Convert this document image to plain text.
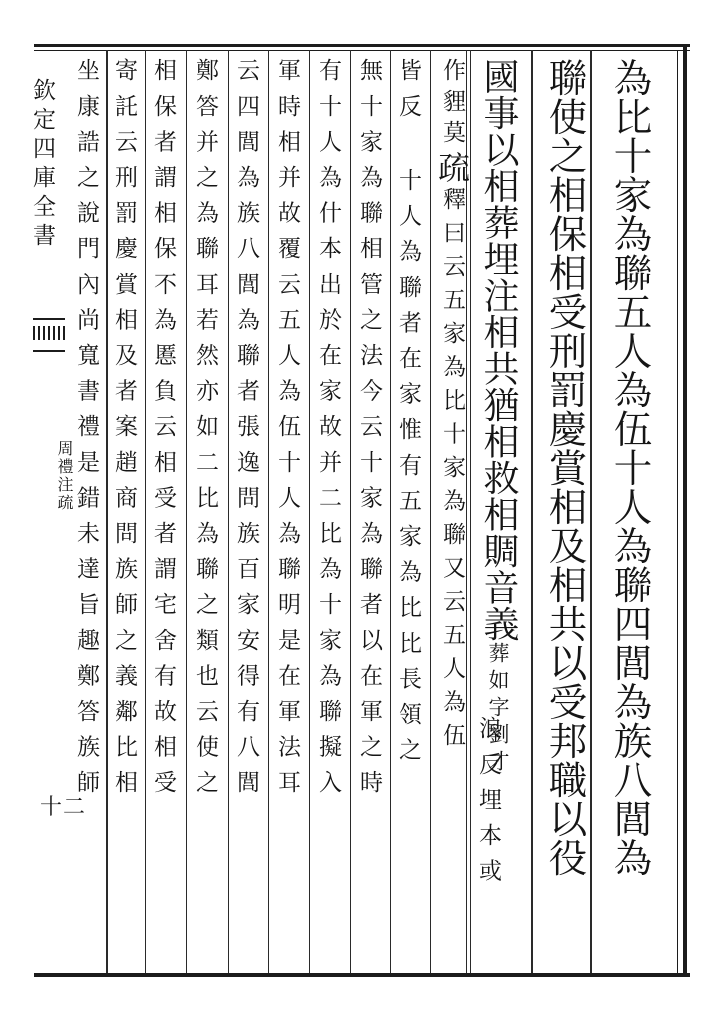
為比十家為聯五人為伍十人為聯四閭為族八閭為
聯使之相保相受刑罰慶賞相及相共以受邦職以役
國事以相葬埋注相共猶相救相賙音義葬如字劉才
浪反埋本或
作貍莫疏釋曰云五家為比十家為聯又云五人為伍
皆反 十人為聯者在家惟有五家為比比長領之
無十家為聯相管之法今云十家為聯者以在軍之時
有十人為什本出於在家故并二比為十家為聯擬入
軍時相并故覆云五人為伍十人為聯明是在軍法耳
云四閭為族八閭為聯者張逸問族百家安得有八閭
鄭答并之為聯耳若然亦如二比為聯之類也云使之
相保者謂相保不為慝負云相受者謂宅舍有故相受
欽定四庫全書
周禮注疏
十二
寄託云刑罰慶賞相及者案趙商問族師之義鄰比相
坐康誥之說門內尚寬書禮是錯未達旨趣鄭答族師
